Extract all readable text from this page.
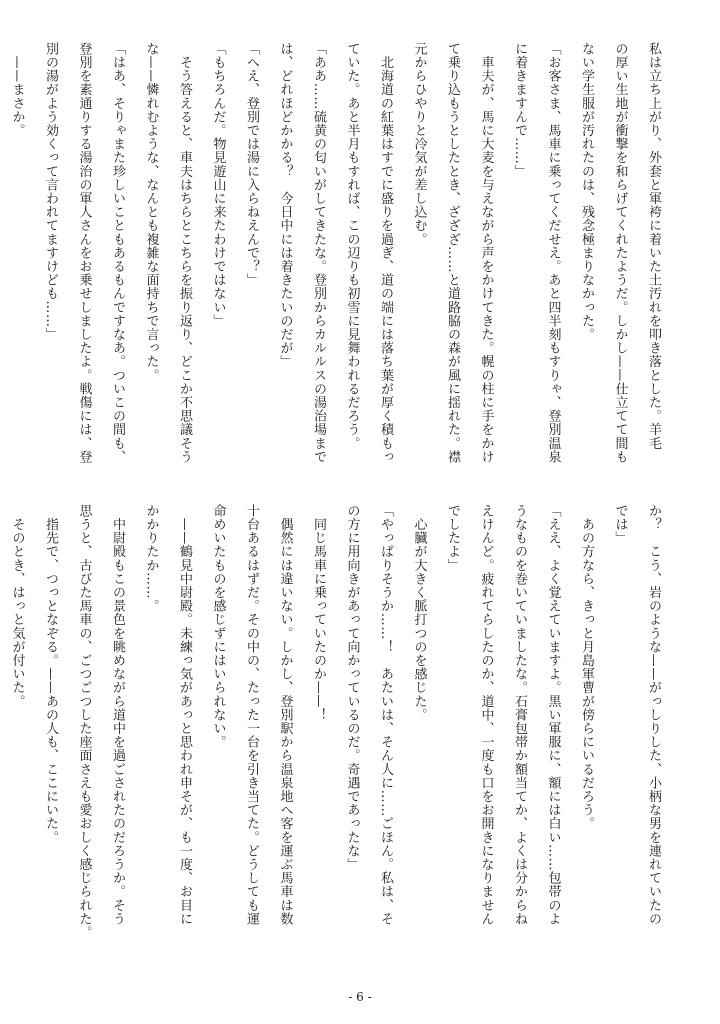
私は立ち上がり、外套と軍袴に着いた土汚れを叩き落とした。羊毛
の厚い生地が衝撃を和らげてくれたようだ。しかし——仕立てて間も
ない学生服が汚れたのは、残念極まりなかった。
「お客さま、馬車に乗ってくだせえ。あと四半刻もすりゃ、登別温泉
に着きますんで……」
　車夫が、馬に大麦を与えながら声をかけてきた。幌の柱に手をかけ
て乗り込もうとしたとき、ざざざ……と道路脇の森が風に揺れた。襟
元からひやりと冷気が差し込む。
　北海道の紅葉はすでに盛りを過ぎ、道の端には落ち葉が厚く積もっ
ていた。あと半月もすれば、この辺りも初雪に見舞われるだろう。
「ああ……硫黄の匂いがしてきたな。登別からカルルスの湯治場まで
は、どれほどかかる？　今日中には着きたいのだが」
「へえ、登別では湯に入らねえんで？」
「もちろんだ。物見遊山に来たわけではない」
　そう答えると、車夫はちらとこちらを振り返り、どこか不思議そう
な——憐れむような、なんとも複雑な面持ちで言った。
「はあ、そりゃまた珍しいこともあるもんですなあ。ついこの間も、
登別を素通りする湯治の軍人さんをお乗せしましたよ。戦傷には、登
別の湯がよう効くって言われてますけども……」
　——まさか。
か？　こう、岩のような——がっしりした、小柄な男を連れていたの
では」
　あの方なら、きっと月島軍曹が傍らにいるだろう。
「ええ、よく覚えていますよ。黒い軍服に、額には白い……包帯のよ
うなものを巻いていましたな。石膏包帯か額当てか、よくは分からね
えけんど。疲れてらしたのか、道中、一度も口をお開きになりません
でしたよ」
　心臓が大きく脈打つのを感じた。
「やっぱりそうか……！　あたいは、そん人に……ごほん。私は、そ
の方に用向きがあって向かっているのだ。奇遇であったな」
　同じ馬車に乗っていたのか——！
　偶然には違いない。しかし、登別駅から温泉地へ客を運ぶ馬車は数
十台あるはずだ。その中の、たった一台を引き当てた。どうしても運
命めいたものを感じずにはいられない。
　——鶴見中尉殿。未練っ気があっと思われ申そが、も一度、お目に
かかりたか……。
　中尉殿もこの景色を眺めながら道中を過ごされたのだろうか。そう
思うと、古びた馬車の、ごつごつした座面さえも愛おしく感じられた。
　指先で、つっとなぞる。——あの人も、ここにいた。
　そのとき、はっと気が付いた。
- 6 -
